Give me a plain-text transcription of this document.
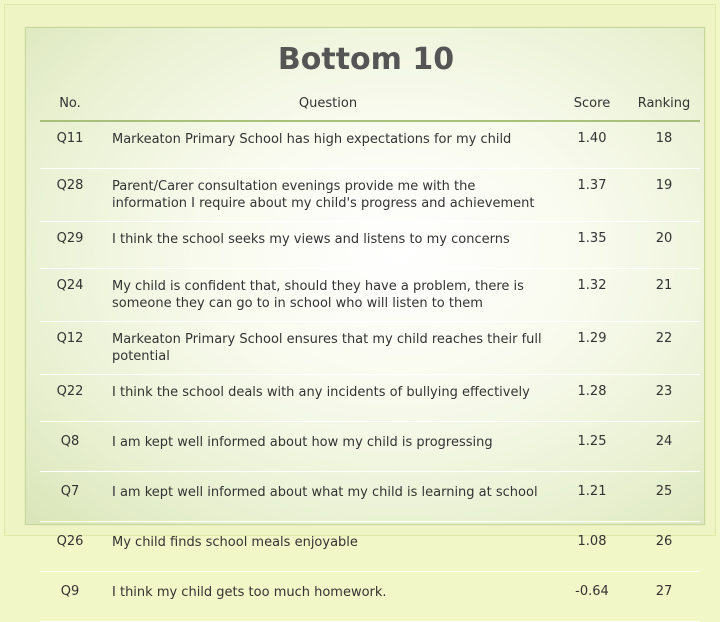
Bottom 10
No.	Question	Score	Ranking
Q11	Markeaton Primary School has high expectations for my child	1.40	18
Q28	Parent/Carer consultation evenings provide me with the information I require about my child's progress and achievement	1.37	19
Q29	I think the school seeks my views and listens to my concerns	1.35	20
Q24	My child is confident that, should they have a problem, there is someone they can go to in school who will listen to them	1.32	21
Q12	Markeaton Primary School ensures that my child reaches their full potential	1.29	22
Q22	I think the school deals with any incidents of bullying effectively	1.28	23
Q8	I am kept well informed about how my child is progressing	1.25	24
Q7	I am kept well informed about what my child is learning at school	1.21	25
Q26	My child finds school meals enjoyable	1.08	26
Q9	I think my child gets too much homework.	-0.64	27
